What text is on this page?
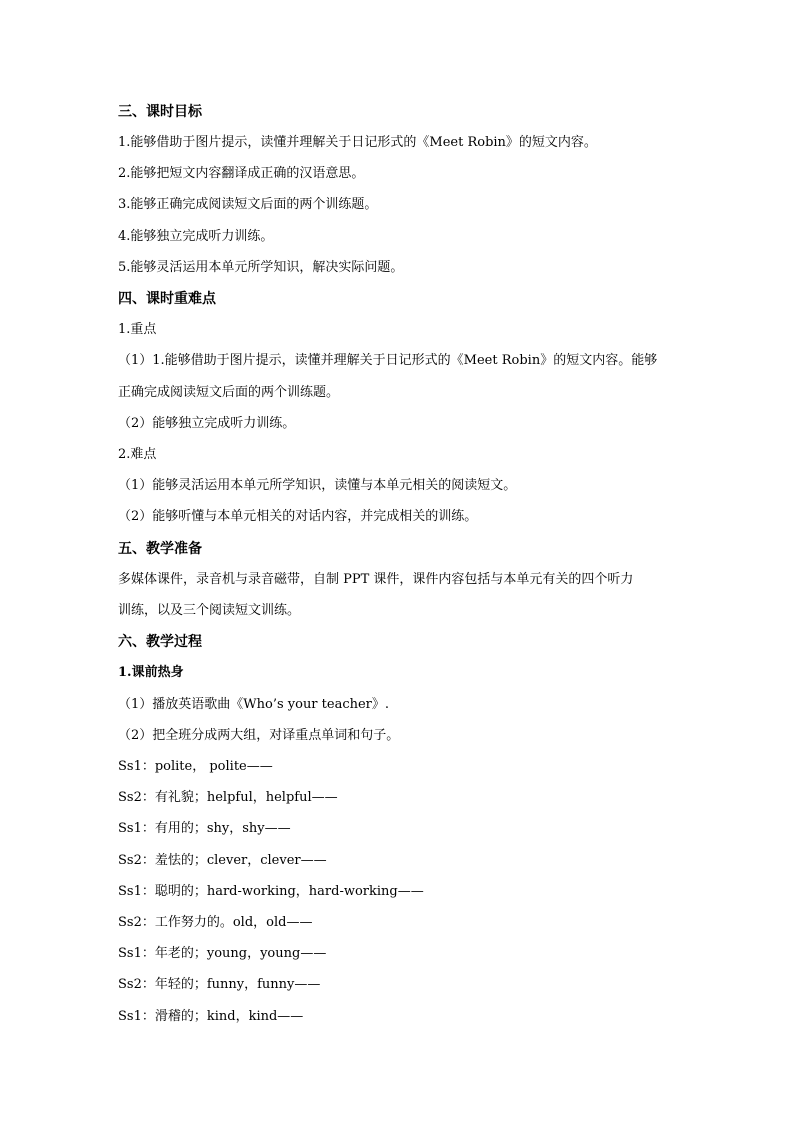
三、课时目标
1.能够借助于图片提示，读懂并理解关于日记形式的《Meet Robin》的短文内容。
2.能够把短文内容翻译成正确的汉语意思。
3.能够正确完成阅读短文后面的两个训练题。
4.能够独立完成听力训练。
5.能够灵活运用本单元所学知识，解决实际问题。
四、课时重难点
1.重点
（1）1.能够借助于图片提示，读懂并理解关于日记形式的《Meet Robin》的短文内容。能够
正确完成阅读短文后面的两个训练题。
（2）能够独立完成听力训练。
2.难点
（1）能够灵活运用本单元所学知识，读懂与本单元相关的阅读短文。
（2）能够听懂与本单元相关的对话内容，并完成相关的训练。
五、教学准备
多媒体课件，录音机与录音磁带，自制 PPT 课件，课件内容包括与本单元有关的四个听力
训练，以及三个阅读短文训练。
六、教学过程
1.课前热身
（1）播放英语歌曲《Who’s your teacher》.
（2）把全班分成两大组，对译重点单词和句子。
Ss1：polite， polite——
Ss2：有礼貌；helpful，helpful——
Ss1：有用的；shy，shy——
Ss2：羞怯的；clever，clever——
Ss1：聪明的；hard-working，hard-working——
Ss2：工作努力的。old，old——
Ss1：年老的；young，young——
Ss2：年轻的；funny，funny——
Ss1：滑稽的；kind，kind——
